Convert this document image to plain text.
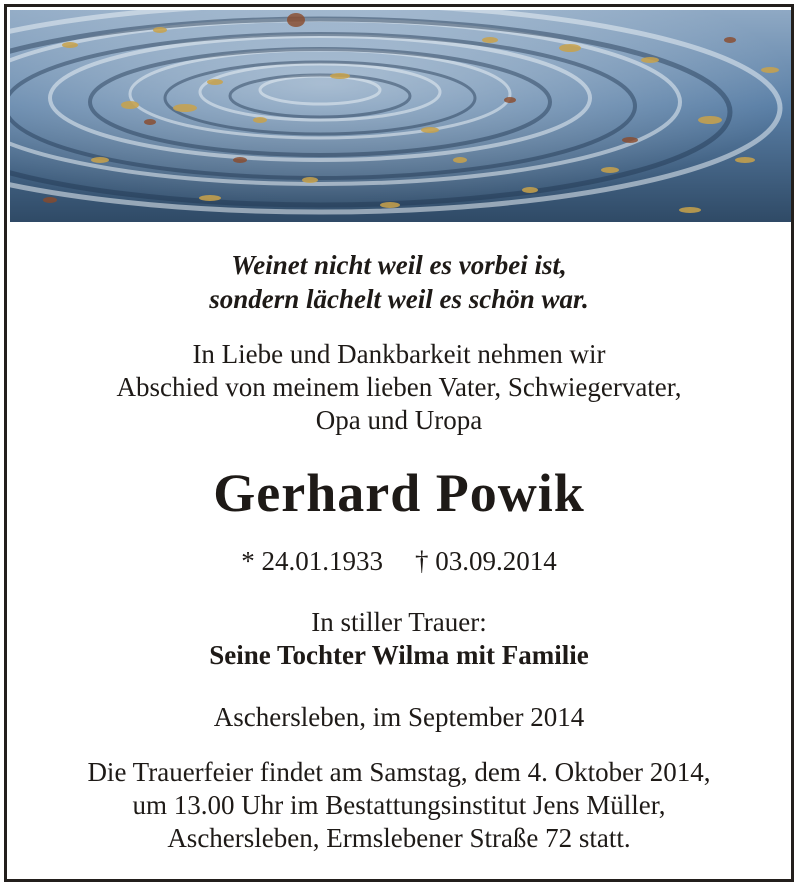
Weinet nicht weil es vorbei ist,
sondern lächelt weil es schön war.
In Liebe und Dankbarkeit nehmen wir
Abschied von meinem lieben Vater, Schwiegervater,
Opa und Uropa
Gerhard Powik
* 24.01.1933 † 03.09.2014
In stiller Trauer:
Seine Tochter Wilma mit Familie
Aschersleben, im September 2014
Die Trauerfeier findet am Samstag, dem 4. Oktober 2014,
um 13.00 Uhr im Bestattungsinstitut Jens Müller,
Aschersleben, Ermslebener Straße 72 statt.
